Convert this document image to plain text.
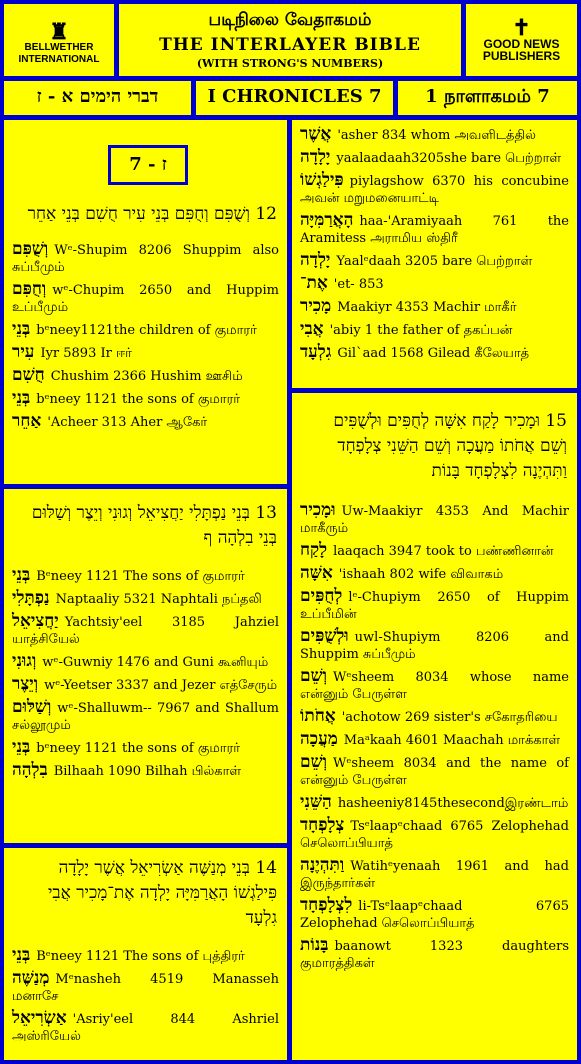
♜
BELLWETHER INTERNATIONAL
படிநிலை வேதாகமம்
THE INTERLAYER BIBLE
(WITH STRONG'S NUMBERS)
✝
GOOD NEWS PUBLISHERS
דברי הימים א - ז	I CHRONICLES 7	1 நாளாகமம் 7
ז - 7
12 וְשֻׁפִּם וְחֻפִּם בְּנֵי עִיר חֻשִׁם בְּנֵי אַחֵר
וְשֻׁפִּם Wᵉ-Shupim 8206 Shuppim also சுப்பீமும்
וְחֻפִּם wᵉ-Chupim 2650 and Huppim உப்பீமும்
בְּנֵי bᵉneey1121the children of குமாரர்
עִיר Iyr 5893 Ir ஈர்
חֻשִׁם Chushim 2366 Hushim ஊசிம்
בְּנֵי bᵉneey 1121 the sons of குமாரர்
אַחֵר 'Acheer 313 Aher ஆகேர்
13 בְּנֵי נַפְתָּלִי יַחֲצִיאֵל וְגוּנִי וְיֵצֶר וְשַׁלּוּם בְּנֵי בִלְהָה ף
בְּנֵי Bᵉneey 1121 The sons of குமாரர்
נַפְתָּלִי Naptaaliy 5321 Naphtali நப்தலி
יַחֲצִיאֵל Yachtsiy'eel 3185 Jahziel யாத்சியேல்
וְגוּנִי wᵉ-Guwniy 1476 and Guni கூனியும்
וְיֵצֶר wᵉ-Yeetser 3337 and Jezer எத்சேரும்
וְשַׁלּוּם wᵉ-Shalluwm-- 7967 and Shallum சல்லூமும்
בְּנֵי bᵉneey 1121 the sons of குமாரர்
בִלְהָה Bilhaah 1090 Bilhah பில்காள்
14 בְּנֵי מְנַשֶּׁה אַשְׂרִיאֵל אֲשֶׁר יָלָדָה פִּילַגְשׁוֹ הָאֲרַמִּיָּה יָלְדָה אֶת־מָכִיר אֲבִי גִלְעָד
בְּנֵי Bᵉneey 1121 The sons of புத்திரர்
מְנַשֶּׁה Mᵉnasheh 4519 Manasseh மனாசே
אַשְׂרִיאֵל 'Asriy'eel 844 Ashriel அஸ்ரியேல்
אֲשֶׁר 'asher 834 whom அவளிடத்தில்
יָלָדָה yaalaadaah3205she bare பெற்றாள்
פִּילַגְשׁוֹ piylagshow 6370 his concubine அவன் மறுமனையாட்டி
הָאֲרַמִּיָּה haa-'Aramiyaah 761 the Aramitess அராமிய ஸ்திரீ
יָלְדָה Yaalᵉdaah 3205 bare பெற்றாள்
אֶת־ 'et- 853
מָכִיר Maakiyr 4353 Machir மாகீர்
אֲבִי 'abiy 1 the father of தகப்பன்
גִלְעָד Gil`aad 1568 Gilead கீலேயாத்
15 וּמָכִיר לָקַח אִשָּׁה לְחֻפִּים וּלְשֻׁפִּים וְשֵׁם אֲחֹתוֹ מַעֲכָה וְשֵׁם הַשֵּׁנִי צְלָפְחָד וַתִּהְיֶנָה לִצְלָפְחָד בָּנוֹת
וּמָכִיר Uw-Maakiyr 4353 And Machir மாகீரும்
לָקַח laaqach 3947 took to பண்ணினான்
אִשָּׁה 'ishaah 802 wife விவாகம்
לְחֻפִּים lᵉ-Chupiym 2650 of Huppim உப்பீமின்
וּלְשֻׁפִּים uwl-Shupiym 8206 and Shuppim சுப்பீமும்
וְשֵׁם Wᵉsheem 8034 whose name என்னும் பேருள்ள
אֲחֹתוֹ 'achotow 269 sister's சகோதரியை
מַעֲכָה Maᵃkaah 4601 Maachah மாக்காள்
וְשֵׁם Wᵉsheem 8034 and the name of என்னும் பேருள்ள
הַשֵּׁנִי hasheeniy8145thesecondஇரண்டாம்
צְלָפְחָד Tsᵉlaapᵉchaad 6765 Zelophehad செலொப்பியாத்
וַתִּהְיֶנָה Watihᵉyenaah 1961 and had இருந்தார்கள்
לִצְלָפְחָד li-Tsᵉlaapᵉchaad 6765 Zelophehad செலொப்பியாத்
בָּנוֹת baanowt 1323 daughters குமாரத்திகள்
